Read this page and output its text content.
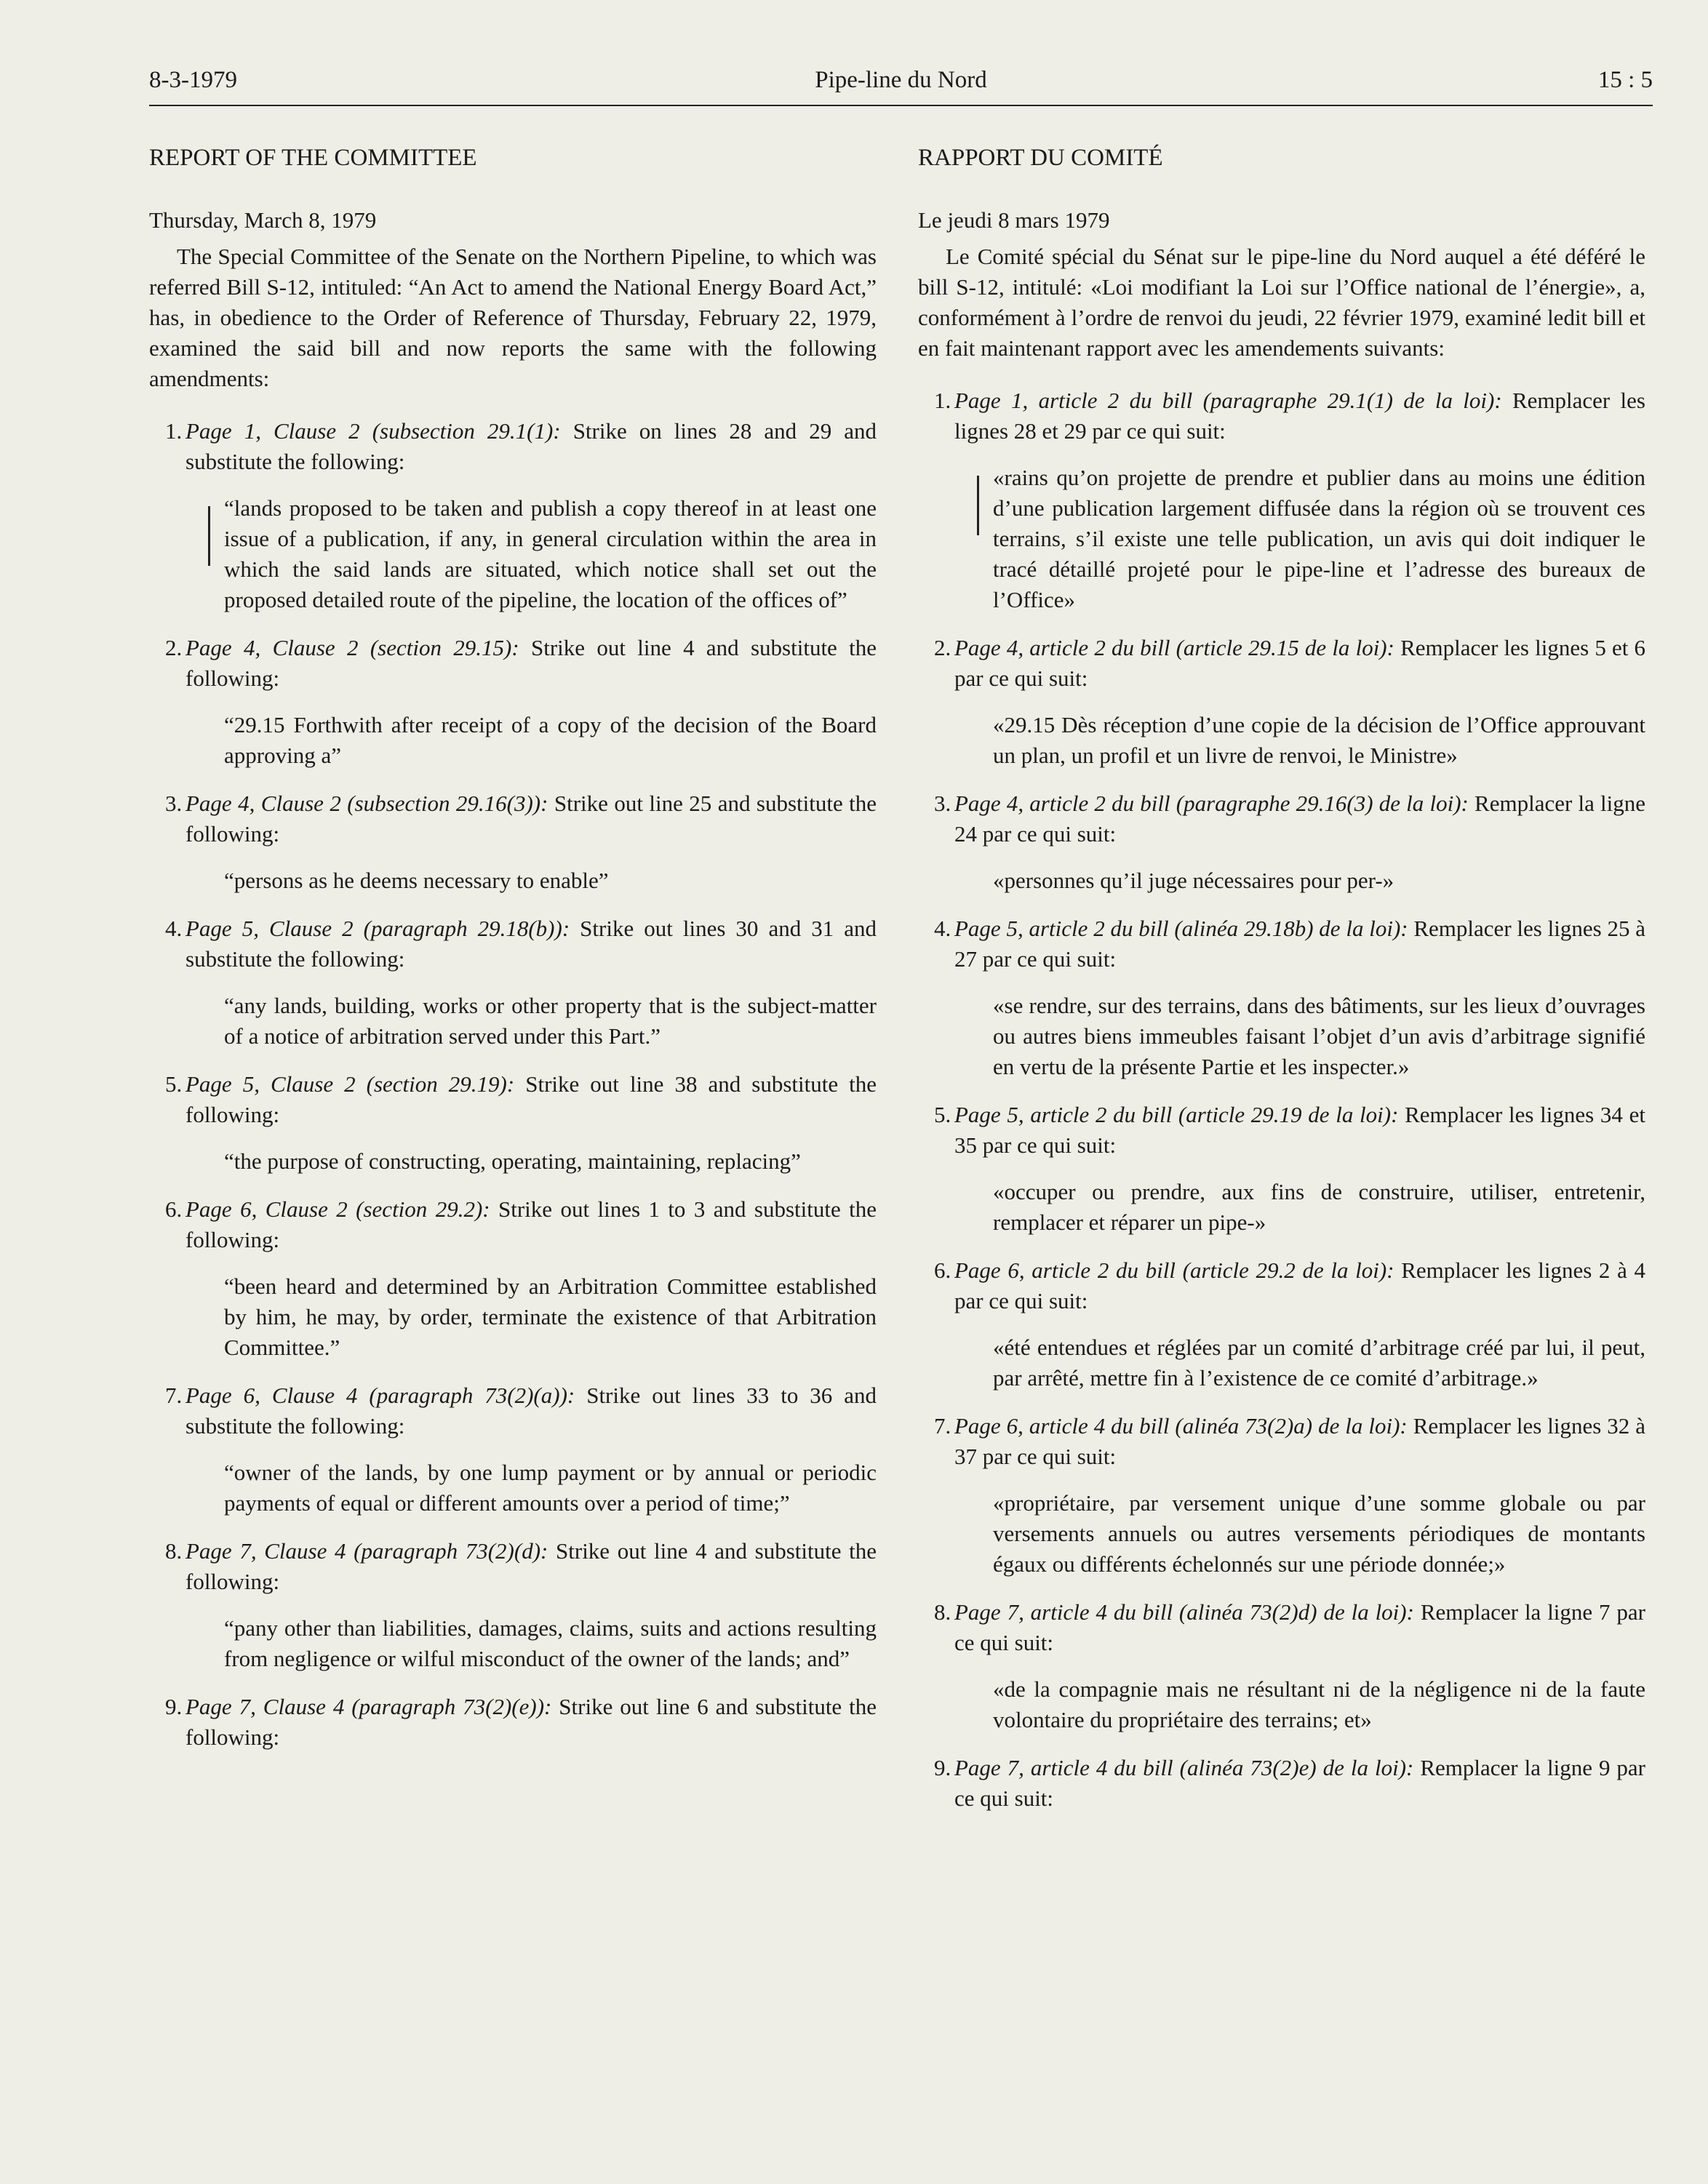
8-3-1979	Pipe-line du Nord	15 : 5
REPORT OF THE COMMITTEE
Thursday, March 8, 1979
The Special Committee of the Senate on the Northern Pipeline, to which was referred Bill S-12, intituled: “An Act to amend the National Energy Board Act,” has, in obedience to the Order of Reference of Thursday, February 22, 1979, examined the said bill and now reports the same with the following amendments:
1. Page 1, Clause 2 (subsection 29.1(1): Strike on lines 28 and 29 and substitute the following:
“lands proposed to be taken and publish a copy thereof in at least one issue of a publication, if any, in general circulation within the area in which the said lands are situated, which notice shall set out the proposed detailed route of the pipeline, the location of the offices of”
2. Page 4, Clause 2 (section 29.15): Strike out line 4 and substitute the following:
“29.15 Forthwith after receipt of a copy of the decision of the Board approving a”
3. Page 4, Clause 2 (subsection 29.16(3)): Strike out line 25 and substitute the following:
“persons as he deems necessary to enable”
4. Page 5, Clause 2 (paragraph 29.18(b)): Strike out lines 30 and 31 and substitute the following:
“any lands, building, works or other property that is the subject-matter of a notice of arbitration served under this Part.”
5. Page 5, Clause 2 (section 29.19): Strike out line 38 and substitute the following:
“the purpose of constructing, operating, maintaining, replacing”
6. Page 6, Clause 2 (section 29.2): Strike out lines 1 to 3 and substitute the following:
“been heard and determined by an Arbitration Committee established by him, he may, by order, terminate the existence of that Arbitration Committee.”
7. Page 6, Clause 4 (paragraph 73(2)(a)): Strike out lines 33 to 36 and substitute the following:
“owner of the lands, by one lump payment or by annual or periodic payments of equal or different amounts over a period of time;”
8. Page 7, Clause 4 (paragraph 73(2)(d): Strike out line 4 and substitute the following:
“pany other than liabilities, damages, claims, suits and actions resulting from negligence or wilful misconduct of the owner of the lands; and”
9. Page 7, Clause 4 (paragraph 73(2)(e)): Strike out line 6 and substitute the following:
RAPPORT DU COMITÉ
Le jeudi 8 mars 1979
Le Comité spécial du Sénat sur le pipe-line du Nord auquel a été déféré le bill S-12, intitulé: «Loi modifiant la Loi sur l’Office national de l’énergie», a, conformément à l’ordre de renvoi du jeudi, 22 février 1979, examiné ledit bill et en fait maintenant rapport avec les amendements suivants:
1. Page 1, article 2 du bill (paragraphe 29.1(1) de la loi): Remplacer les lignes 28 et 29 par ce qui suit:
«rains qu’on projette de prendre et publier dans au moins une édition d’une publication largement diffusée dans la région où se trouvent ces terrains, s’il existe une telle publication, un avis qui doit indiquer le tracé détaillé projeté pour le pipe-line et l’adresse des bureaux de l’Office»
2. Page 4, article 2 du bill (article 29.15 de la loi): Remplacer les lignes 5 et 6 par ce qui suit:
«29.15 Dès réception d’une copie de la décision de l’Office approuvant un plan, un profil et un livre de renvoi, le Ministre»
3. Page 4, article 2 du bill (paragraphe 29.16(3) de la loi): Remplacer la ligne 24 par ce qui suit:
«personnes qu’il juge nécessaires pour per-»
4. Page 5, article 2 du bill (alinéa 29.18b) de la loi): Remplacer les lignes 25 à 27 par ce qui suit:
«se rendre, sur des terrains, dans des bâtiments, sur les lieux d’ouvrages ou autres biens immeubles faisant l’objet d’un avis d’arbitrage signifié en vertu de la présente Partie et les inspecter.»
5. Page 5, article 2 du bill (article 29.19 de la loi): Remplacer les lignes 34 et 35 par ce qui suit:
«occuper ou prendre, aux fins de construire, utiliser, entretenir, remplacer et réparer un pipe-»
6. Page 6, article 2 du bill (article 29.2 de la loi): Remplacer les lignes 2 à 4 par ce qui suit:
«été entendues et réglées par un comité d’arbitrage créé par lui, il peut, par arrêté, mettre fin à l’existence de ce comité d’arbitrage.»
7. Page 6, article 4 du bill (alinéa 73(2)a) de la loi): Remplacer les lignes 32 à 37 par ce qui suit:
«propriétaire, par versement unique d’une somme globale ou par versements annuels ou autres versements périodiques de montants égaux ou différents échelonnés sur une période donnée;»
8. Page 7, article 4 du bill (alinéa 73(2)d) de la loi): Remplacer la ligne 7 par ce qui suit:
«de la compagnie mais ne résultant ni de la négligence ni de la faute volontaire du propriétaire des terrains; et»
9. Page 7, article 4 du bill (alinéa 73(2)e) de la loi): Remplacer la ligne 9 par ce qui suit:
